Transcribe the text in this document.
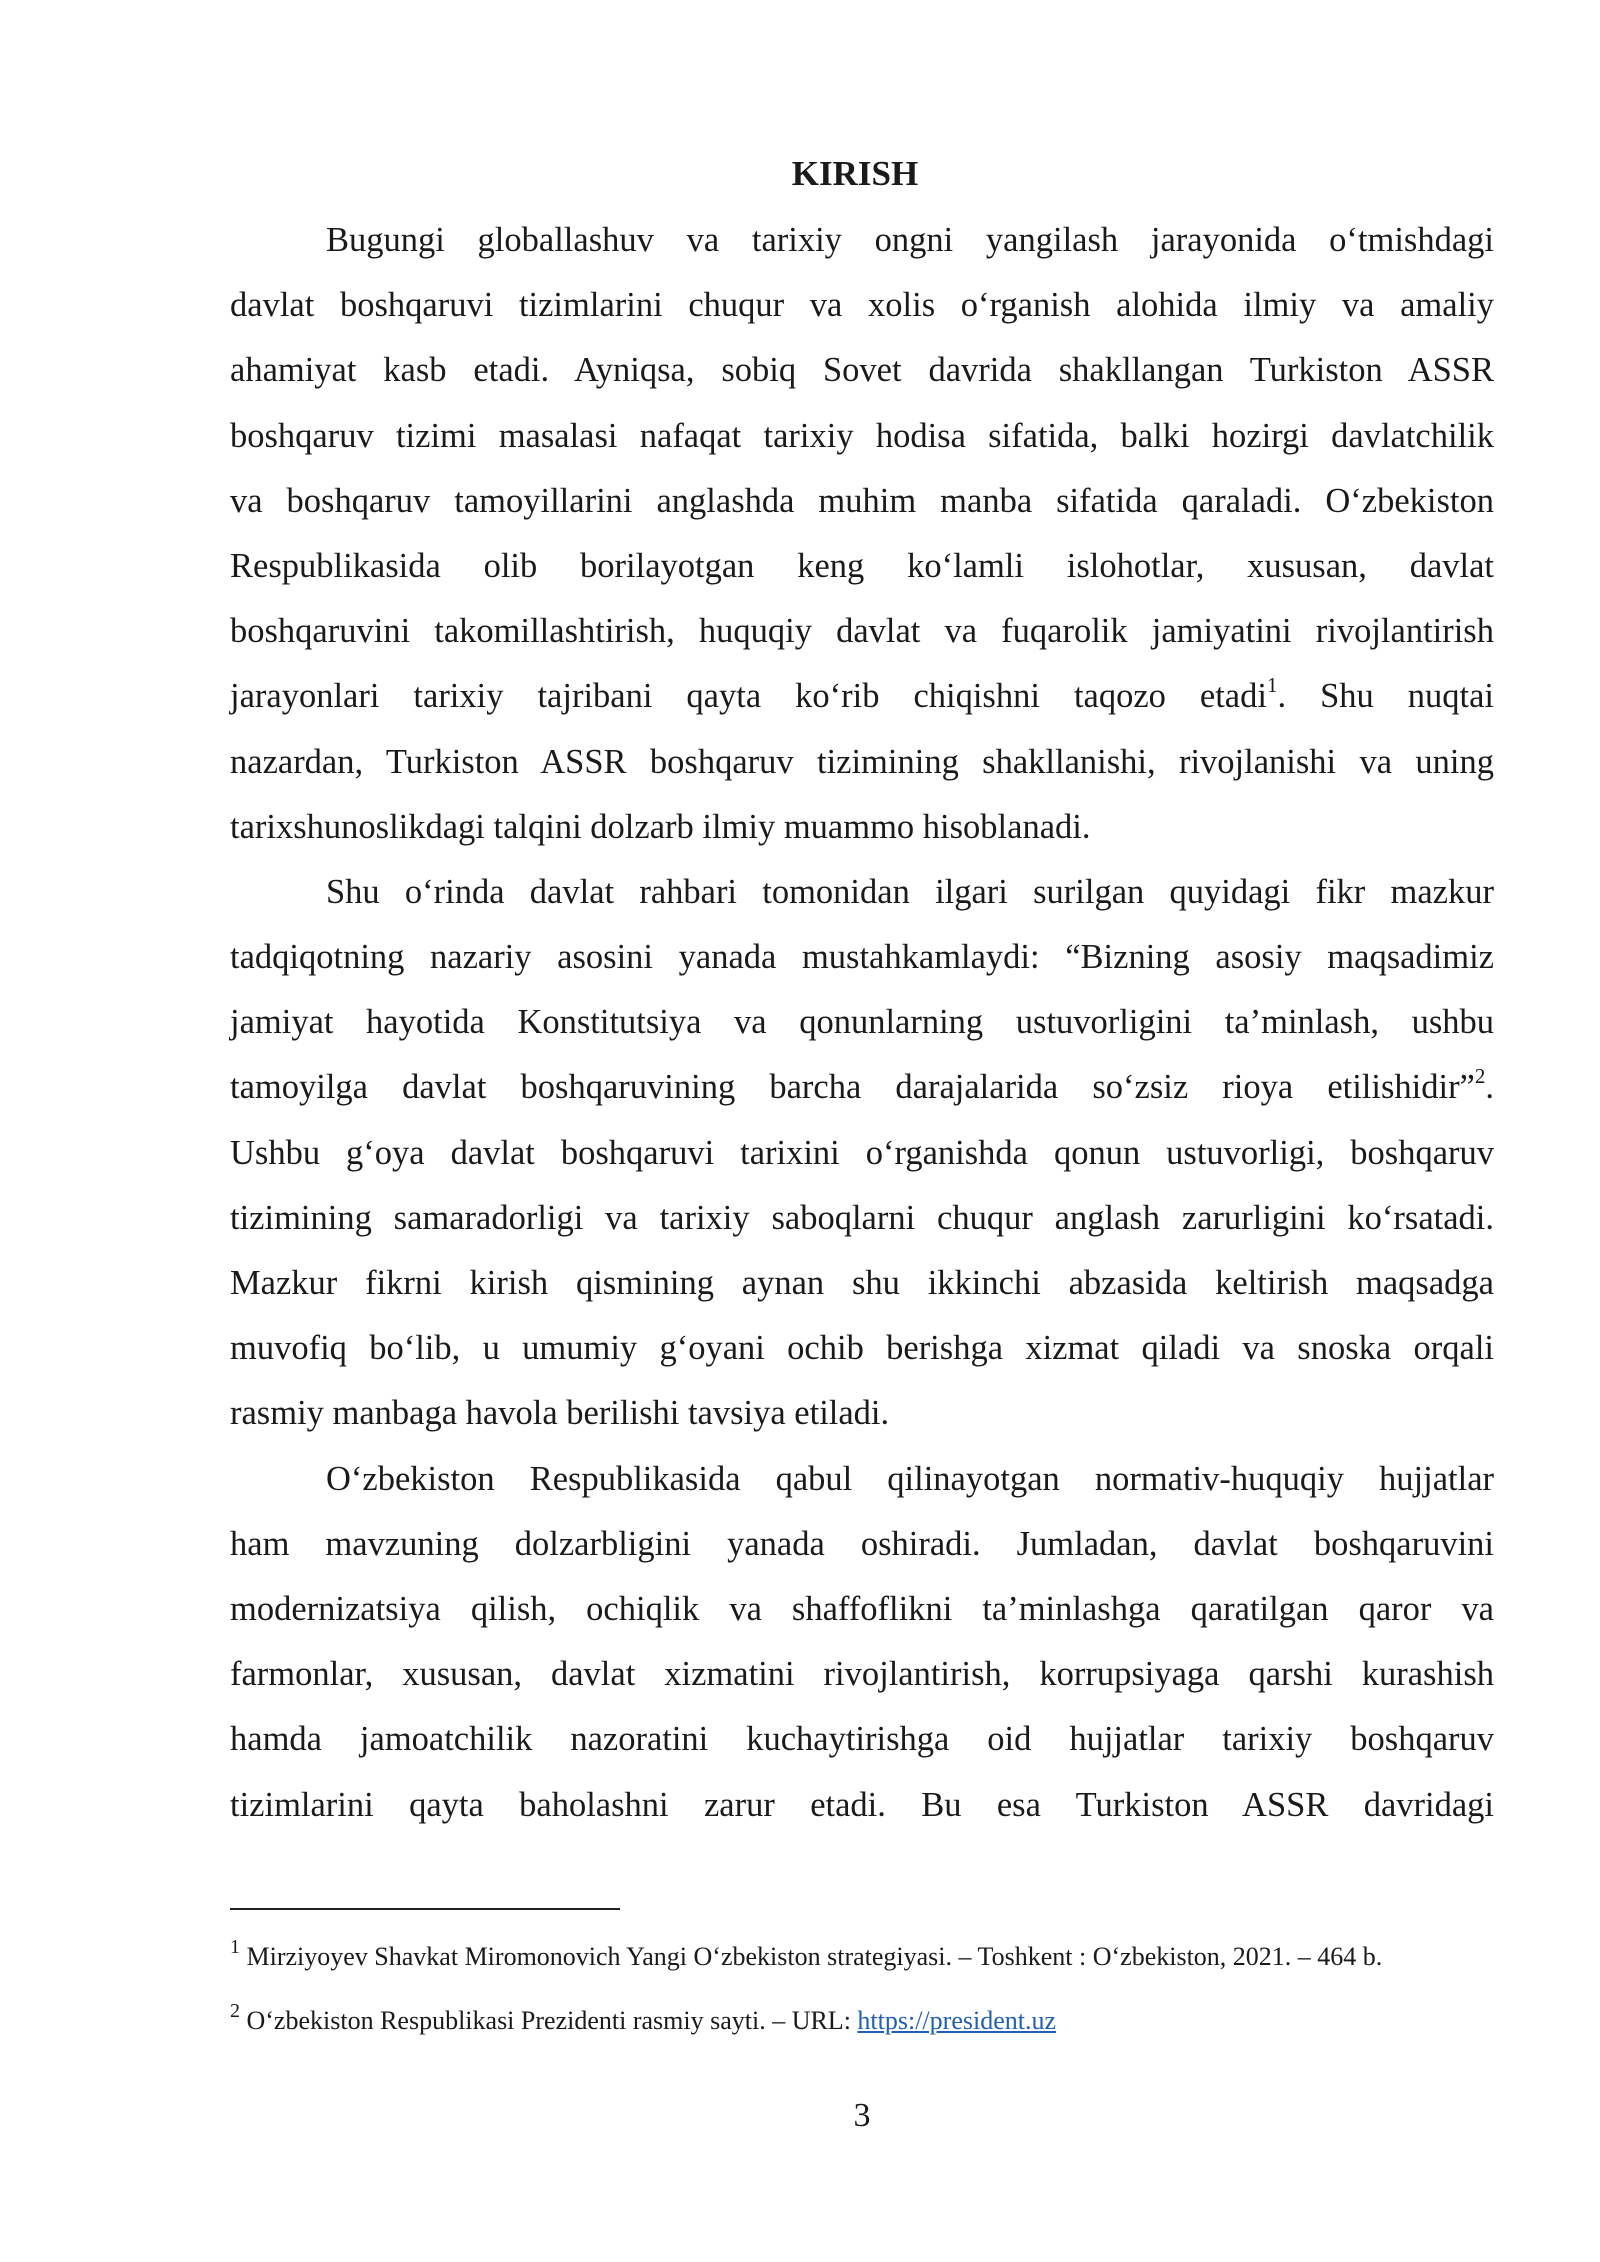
KIRISH
Bugungi globallashuv va tarixiy ongni yangilash jarayonida o‘tmishdagi
davlat boshqaruvi tizimlarini chuqur va xolis o‘rganish alohida ilmiy va amaliy
ahamiyat kasb etadi. Ayniqsa, sobiq Sovet davrida shakllangan Turkiston ASSR
boshqaruv tizimi masalasi nafaqat tarixiy hodisa sifatida, balki hozirgi davlatchilik
va boshqaruv tamoyillarini anglashda muhim manba sifatida qaraladi. O‘zbekiston
Respublikasida olib borilayotgan keng ko‘lamli islohotlar, xususan, davlat
boshqaruvini takomillashtirish, huquqiy davlat va fuqarolik jamiyatini rivojlantirish
jarayonlari tarixiy tajribani qayta ko‘rib chiqishni taqozo etadi$^1$. Shu nuqtai
nazardan, Turkiston ASSR boshqaruv tizimining shakllanishi, rivojlanishi va uning
tarixshunoslikdagi talqini dolzarb ilmiy muammo hisoblanadi.
Shu o‘rinda davlat rahbari tomonidan ilgari surilgan quyidagi fikr mazkur
tadqiqotning nazariy asosini yanada mustahkamlaydi: “Bizning asosiy maqsadimiz
jamiyat hayotida Konstitutsiya va qonunlarning ustuvorligini ta’minlash, ushbu
tamoyilga davlat boshqaruvining barcha darajalarida so‘zsiz rioya etilishidir”$^2$.
Ushbu g‘oya davlat boshqaruvi tarixini o‘rganishda qonun ustuvorligi, boshqaruv
tizimining samaradorligi va tarixiy saboqlarni chuqur anglash zarurligini ko‘rsatadi.
Mazkur fikrni kirish qismining aynan shu ikkinchi abzasida keltirish maqsadga
muvofiq bo‘lib, u umumiy g‘oyani ochib berishga xizmat qiladi va snoska orqali
rasmiy manbaga havola berilishi tavsiya etiladi.
O‘zbekiston Respublikasida qabul qilinayotgan normativ-huquqiy hujjatlar
ham mavzuning dolzarbligini yanada oshiradi. Jumladan, davlat boshqaruvini
modernizatsiya qilish, ochiqlik va shaffoflikni ta’minlashga qaratilgan qaror va
farmonlar, xususan, davlat xizmatini rivojlantirish, korrupsiyaga qarshi kurashish
hamda jamoatchilik nazoratini kuchaytirishga oid hujjatlar tarixiy boshqaruv
tizimlarini qayta baholashni zarur etadi. Bu esa Turkiston ASSR davridagi
$^1$ Mirziyoyev Shavkat Miromonovich Yangi O‘zbekiston strategiyasi. – Toshkent : O‘zbekiston, 2021. – 464 b.
$^2$ O‘zbekiston Respublikasi Prezidenti rasmiy sayti. – URL: https://president.uz
3
